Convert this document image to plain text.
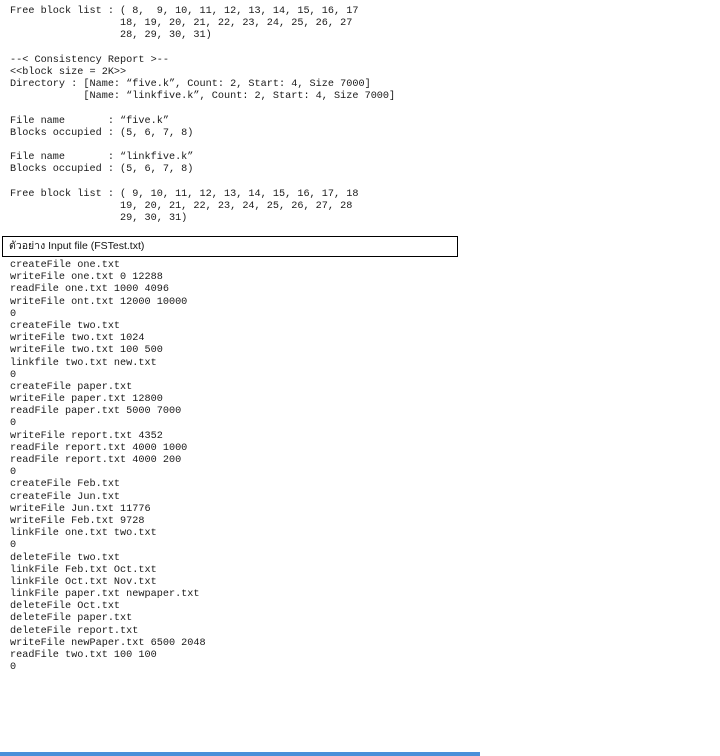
Free block list : ( 8,  9, 10, 11, 12, 13, 14, 15, 16, 17
18, 19, 20, 21, 22, 23, 24, 25, 26, 27
28, 29, 30, 31)
--< Consistency Report >--
<<block size = 2K>>
Directory : [Name: “five.k”, Count: 2, Start: 4, Size 7000]
[Name: “linkfive.k”, Count: 2, Start: 4, Size 7000]
File name       : “five.k”
Blocks occupied : (5, 6, 7, 8)
File name       : “linkfive.k”
Blocks occupied : (5, 6, 7, 8)
Free block list : ( 9, 10, 11, 12, 13, 14, 15, 16, 17, 18
19, 20, 21, 22, 23, 24, 25, 26, 27, 28
29, 30, 31)
ตัวอย่าง Input file (FSTest.txt)
createFile one.txt
writeFile one.txt 0 12288
readFile one.txt 1000 4096
writeFile ont.txt 12000 10000
0
createFile two.txt
writeFile two.txt 1024
writeFile two.txt 100 500
linkfile two.txt new.txt
0
createFile paper.txt
writeFile paper.txt 12800
readFile paper.txt 5000 7000
0
writeFile report.txt 4352
readFile report.txt 4000 1000
readFile report.txt 4000 200
0
createFile Feb.txt
createFile Jun.txt
writeFile Jun.txt 11776
writeFile Feb.txt 9728
linkFile one.txt two.txt
0
deleteFile two.txt
linkFile Feb.txt Oct.txt
linkFile Oct.txt Nov.txt
linkFile paper.txt newpaper.txt
deleteFile Oct.txt
deleteFile paper.txt
deleteFile report.txt
writeFile newPaper.txt 6500 2048
readFile two.txt 100 100
0
